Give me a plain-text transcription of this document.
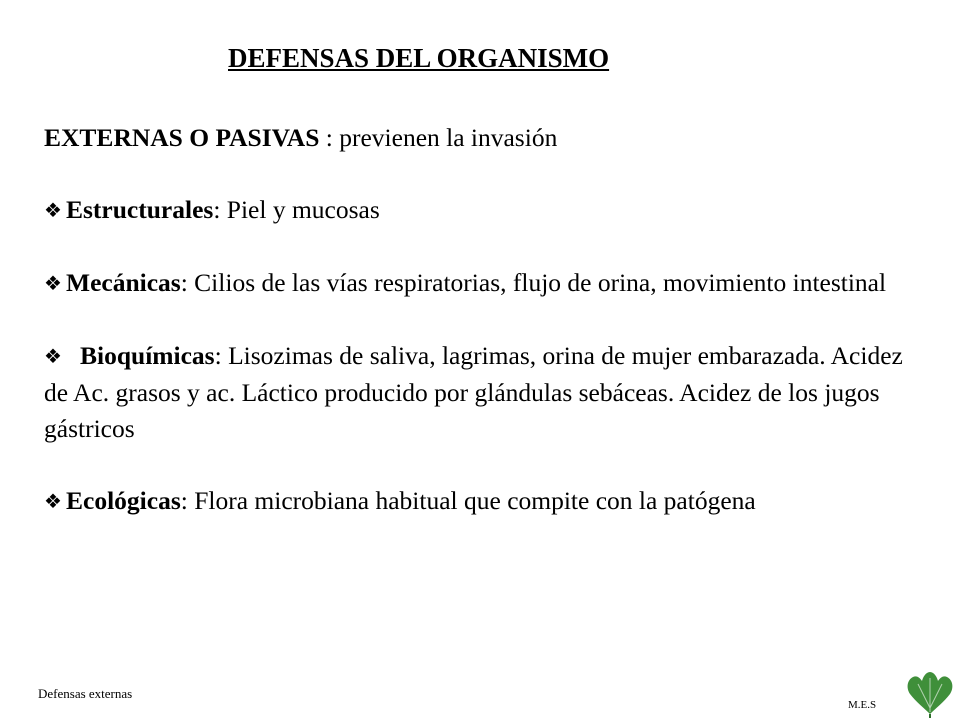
DEFENSAS DEL ORGANISMO

EXTERNAS O PASIVAS : previenen la invasión

❖ Estructurales: Piel y mucosas

❖ Mecánicas: Cilios de las vías respiratorias, flujo de orina, movimiento intestinal

❖ Bioquímicas: Lisozimas de saliva, lagrimas, orina de mujer embarazada. Acidez de Ac. grasos y ac. Láctico producido por glándulas sebáceas. Acidez de los jugos gástricos

❖ Ecológicas: Flora microbiana habitual que compite con la patógena

Defensas externas
M.E.S
